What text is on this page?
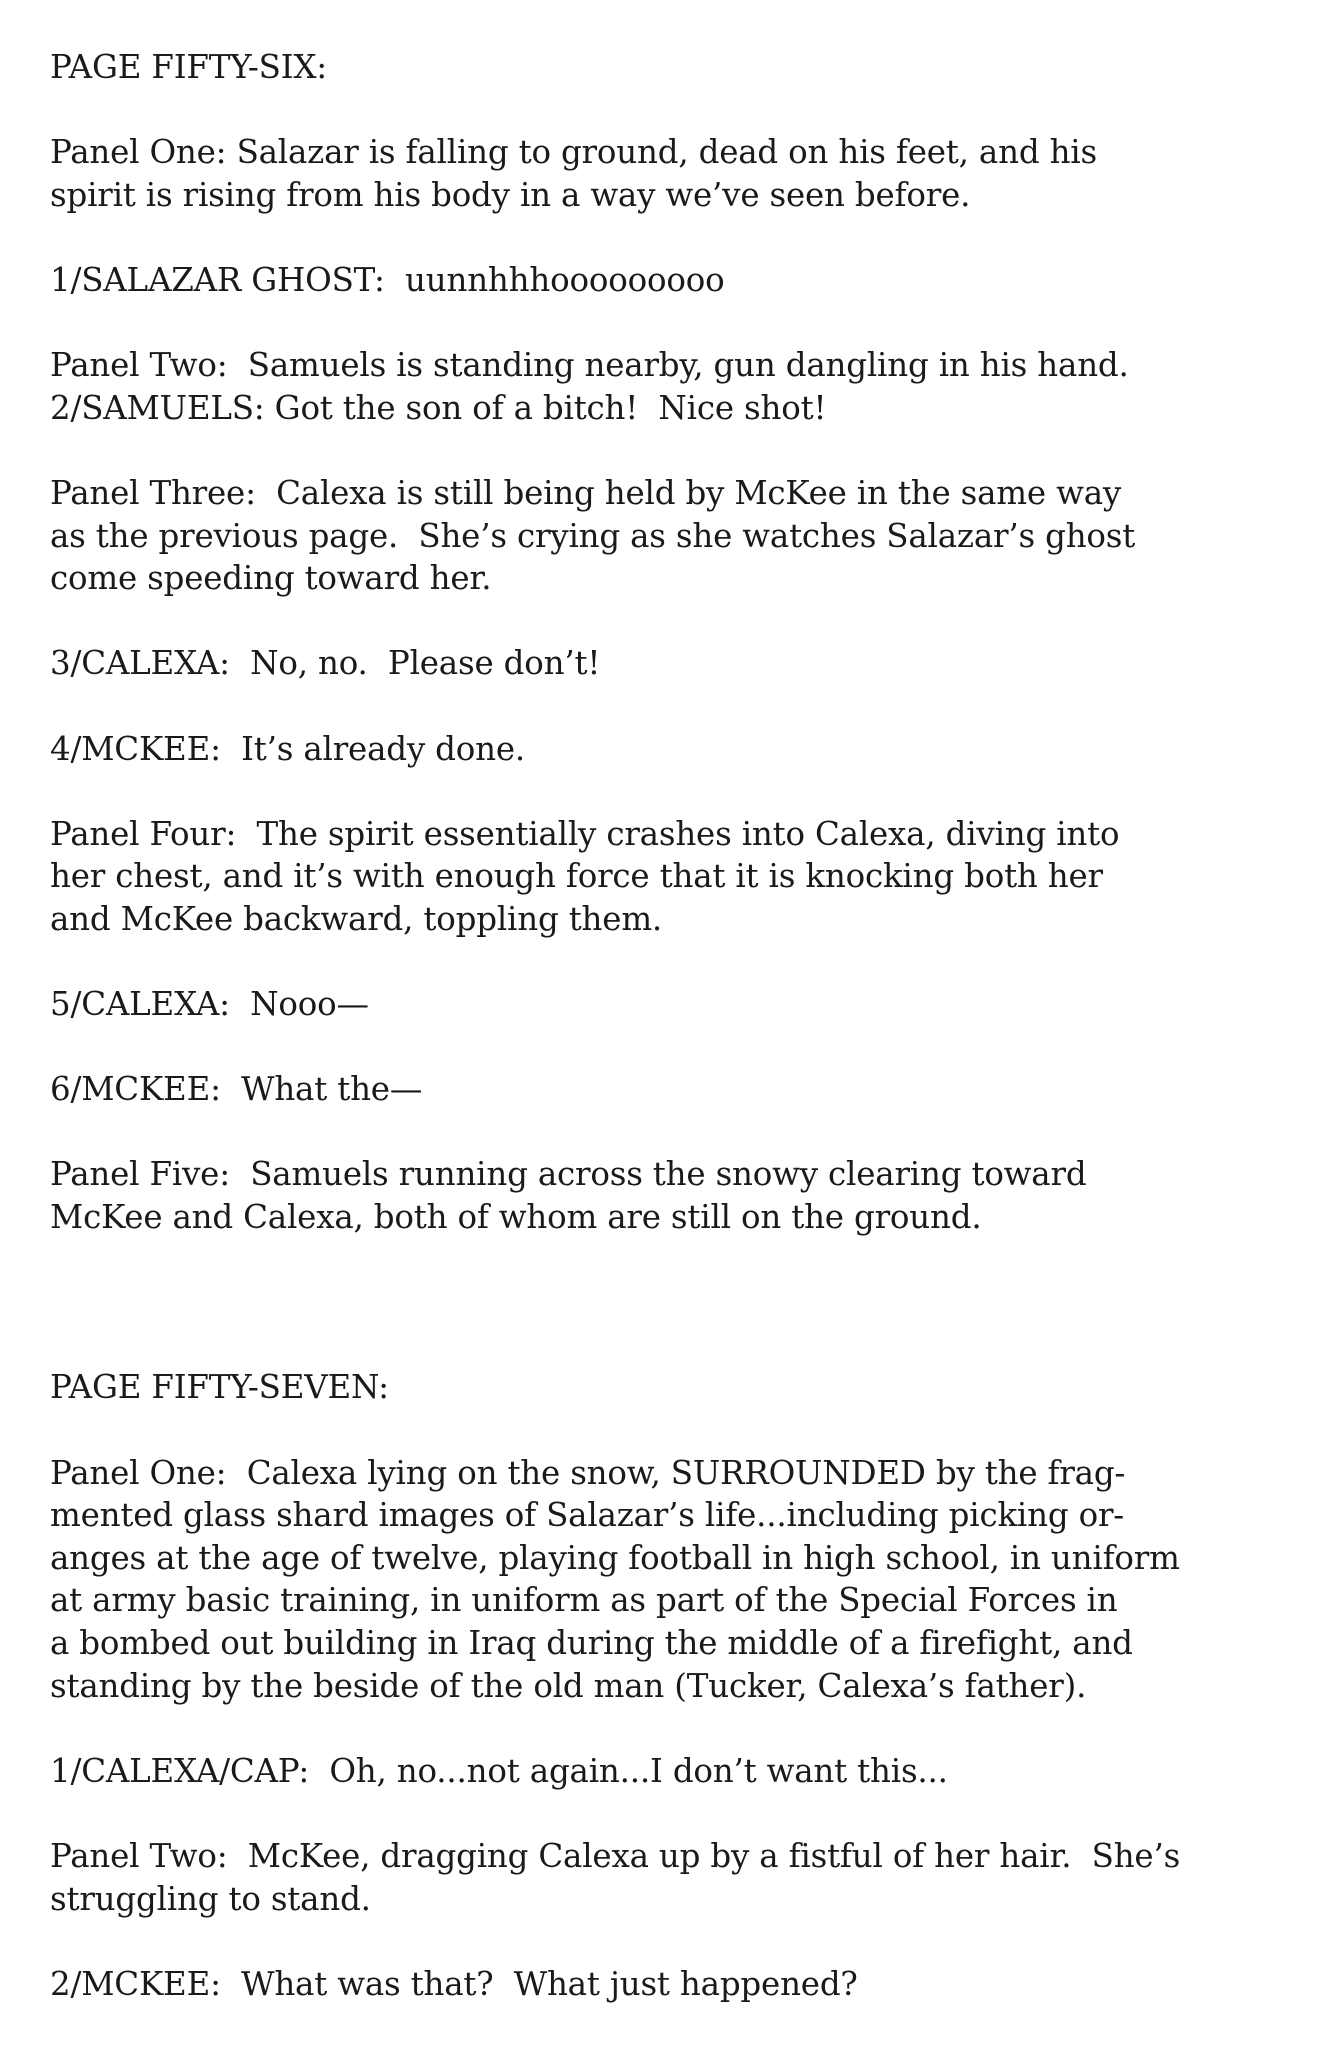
PAGE FIFTY-SIX:
Panel One: Salazar is falling to ground, dead on his feet, and his
spirit is rising from his body in a way we’ve seen before.
1/SALAZAR GHOST:  uunnhhhooooooooo
Panel Two:  Samuels is standing nearby, gun dangling in his hand.
2/SAMUELS: Got the son of a bitch!  Nice shot!
Panel Three:  Calexa is still being held by McKee in the same way
as the previous page.  She’s crying as she watches Salazar’s ghost
come speeding toward her.
3/CALEXA:  No, no.  Please don’t!
4/MCKEE:  It’s already done.
Panel Four:  The spirit essentially crashes into Calexa, diving into
her chest, and it’s with enough force that it is knocking both her
and McKee backward, toppling them.
5/CALEXA:  Nooo—
6/MCKEE:  What the—
Panel Five:  Samuels running across the snowy clearing toward
McKee and Calexa, both of whom are still on the ground.
PAGE FIFTY-SEVEN:
Panel One:  Calexa lying on the snow, SURROUNDED by the frag-
mented glass shard images of Salazar’s life...including picking or-
anges at the age of twelve, playing football in high school, in uniform
at army basic training, in uniform as part of the Special Forces in
a bombed out building in Iraq during the middle of a firefight, and
standing by the beside of the old man (Tucker, Calexa’s father).
1/CALEXA/CAP:  Oh, no...not again...I don’t want this...
Panel Two:  McKee, dragging Calexa up by a fistful of her hair.  She’s
struggling to stand.
2/MCKEE:  What was that?  What just happened?
